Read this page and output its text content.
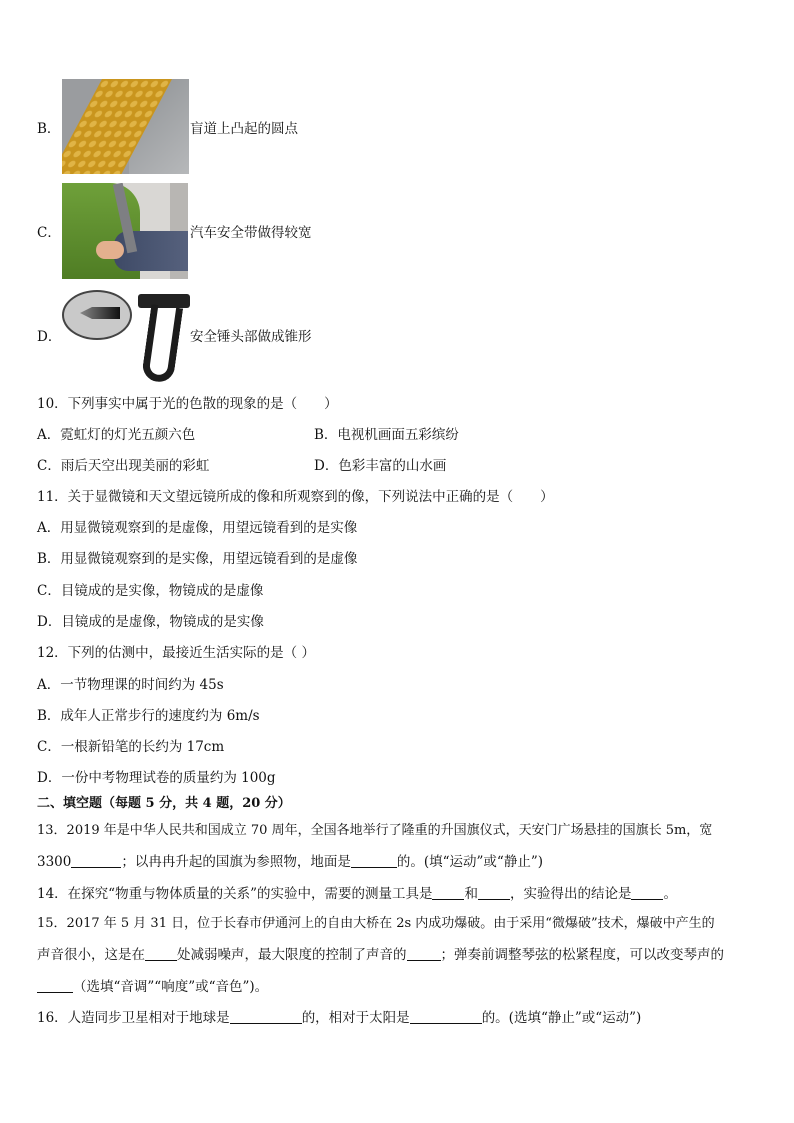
B．	盲道上凸起的圆点
C．	汽车安全带做得较宽
D．	安全锤头部做成锥形
10．下列事实中属于光的色散的现象的是（　　）
A．霓虹灯的灯光五颜六色	B．电视机画面五彩缤纷
C．雨后天空出现美丽的彩虹	D．色彩丰富的山水画
11．关于显微镜和天文望远镜所成的像和所观察到的像，下列说法中正确的是（　　）
A．用显微镜观察到的是虚像，用望远镜看到的是实像
B．用显微镜观察到的是实像，用望远镜看到的是虚像
C．目镜成的是实像，物镜成的是虚像
D．目镜成的是虚像，物镜成的是实像
12．下列的估测中，最接近生活实际的是（ ）
A．一节物理课的时间约为 45s
B．成年人正常步行的速度约为 6m/s
C．一根新铅笔的长约为 17cm
D．一份中考物理试卷的质量约为 100g
二、填空题（每题 5 分，共 4 题，20 分）
13．2019 年是中华人民共和国成立 70 周年，全国各地举行了隆重的升国旗仪式，天安门广场悬挂的国旗长 5m，宽
3300	；以冉冉升起的国旗为参照物，地面是	的。(填“运动”或“静止”)
14．在探究“物重与物体质量的关系”的实验中，需要的测量工具是 和 ，实验得出的结论是 。
15．2017 年 5 月 31 日，位于长春市伊通河上的自由大桥在 2s 内成功爆破。由于采用“微爆破”技术，爆破中产生的
声音很小，这是在 处减弱噪声，最大限度的控制了声音的	；弹奏前调整琴弦的松紧程度，可以改变琴声的
（选填“音调”“响度”或“音色”)。
16．人造同步卫星相对于地球是	的，相对于太阳是	的。(选填“静止”或“运动”)
